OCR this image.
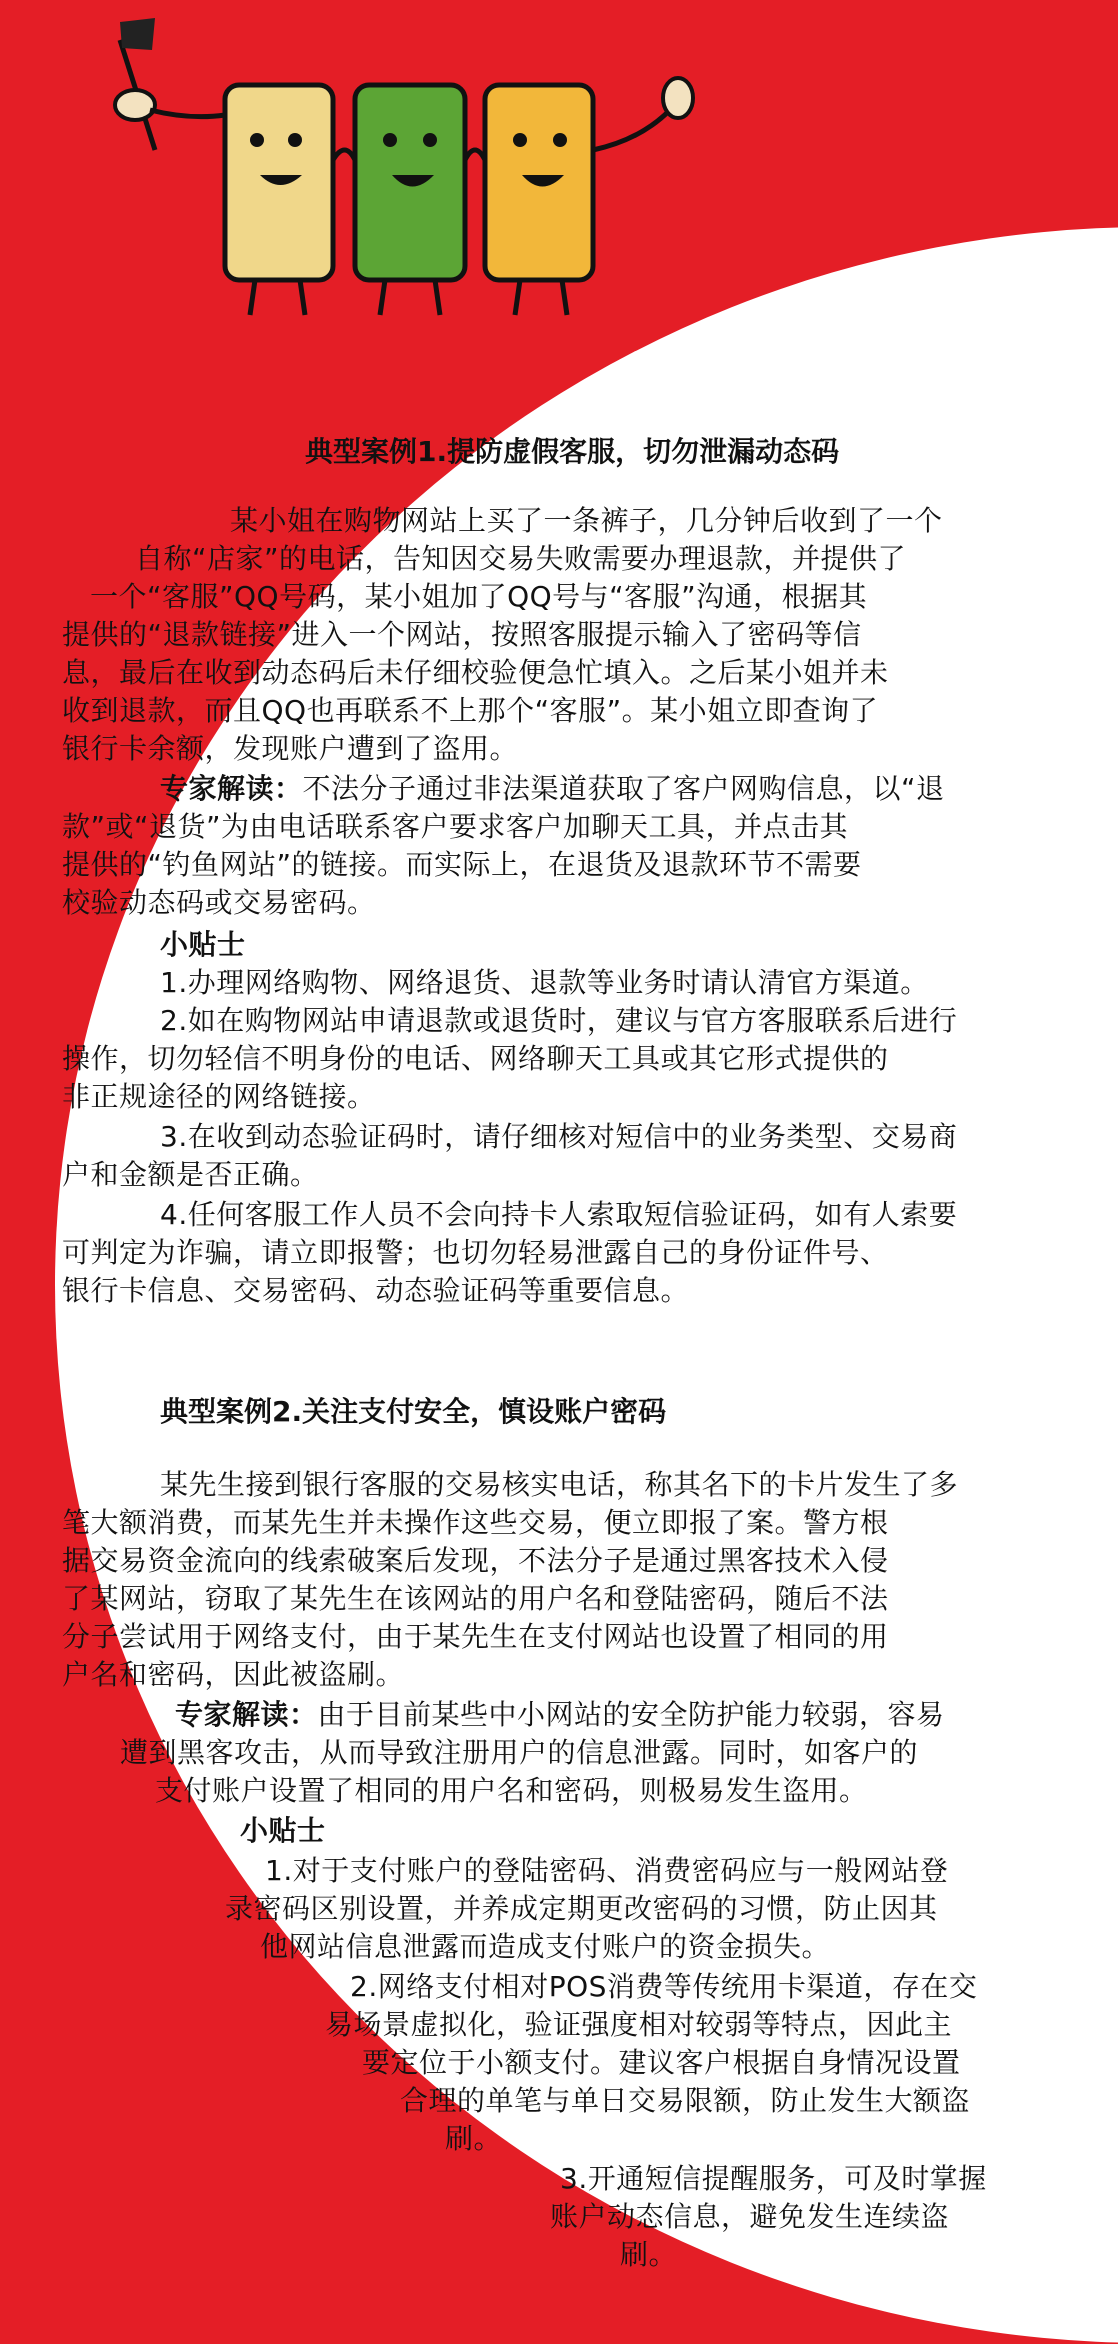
典型案例1.提防虚假客服，切勿泄漏动态码
某小姐在购物网站上买了一条裤子，几分钟后收到了一个
自称“店家”的电话，告知因交易失败需要办理退款，并提供了
一个“客服”QQ号码，某小姐加了QQ号与“客服”沟通，根据其
提供的“退款链接”进入一个网站，按照客服提示输入了密码等信
息，最后在收到动态码后未仔细校验便急忙填入。之后某小姐并未
收到退款，而且QQ也再联系不上那个“客服”。某小姐立即查询了
银行卡余额，发现账户遭到了盗用。
专家解读：不法分子通过非法渠道获取了客户网购信息，以“退
款”或“退货”为由电话联系客户要求客户加聊天工具，并点击其
提供的“钓鱼网站”的链接。而实际上，在退货及退款环节不需要
校验动态码或交易密码。
小贴士
1.办理网络购物、网络退货、退款等业务时请认清官方渠道。
2.如在购物网站申请退款或退货时，建议与官方客服联系后进行
操作，切勿轻信不明身份的电话、网络聊天工具或其它形式提供的
非正规途径的网络链接。
3.在收到动态验证码时，请仔细核对短信中的业务类型、交易商
户和金额是否正确。
4.任何客服工作人员不会向持卡人索取短信验证码，如有人索要
可判定为诈骗，请立即报警；也切勿轻易泄露自己的身份证件号、
银行卡信息、交易密码、动态验证码等重要信息。
典型案例2.关注支付安全，慎设账户密码
某先生接到银行客服的交易核实电话，称其名下的卡片发生了多
笔大额消费，而某先生并未操作这些交易，便立即报了案。警方根
据交易资金流向的线索破案后发现，不法分子是通过黑客技术入侵
了某网站，窃取了某先生在该网站的用户名和登陆密码，随后不法
分子尝试用于网络支付，由于某先生在支付网站也设置了相同的用
户名和密码，因此被盗刷。
专家解读：由于目前某些中小网站的安全防护能力较弱，容易
遭到黑客攻击，从而导致注册用户的信息泄露。同时，如客户的
支付账户设置了相同的用户名和密码，则极易发生盗用。
小贴士
1.对于支付账户的登陆密码、消费密码应与一般网站登
录密码区别设置，并养成定期更改密码的习惯，防止因其
他网站信息泄露而造成支付账户的资金损失。
2.网络支付相对POS消费等传统用卡渠道，存在交
易场景虚拟化，验证强度相对较弱等特点，因此主
要定位于小额支付。建议客户根据自身情况设置
合理的单笔与单日交易限额，防止发生大额盗
刷。
3.开通短信提醒服务，可及时掌握
账户动态信息，避免发生连续盗
刷。
